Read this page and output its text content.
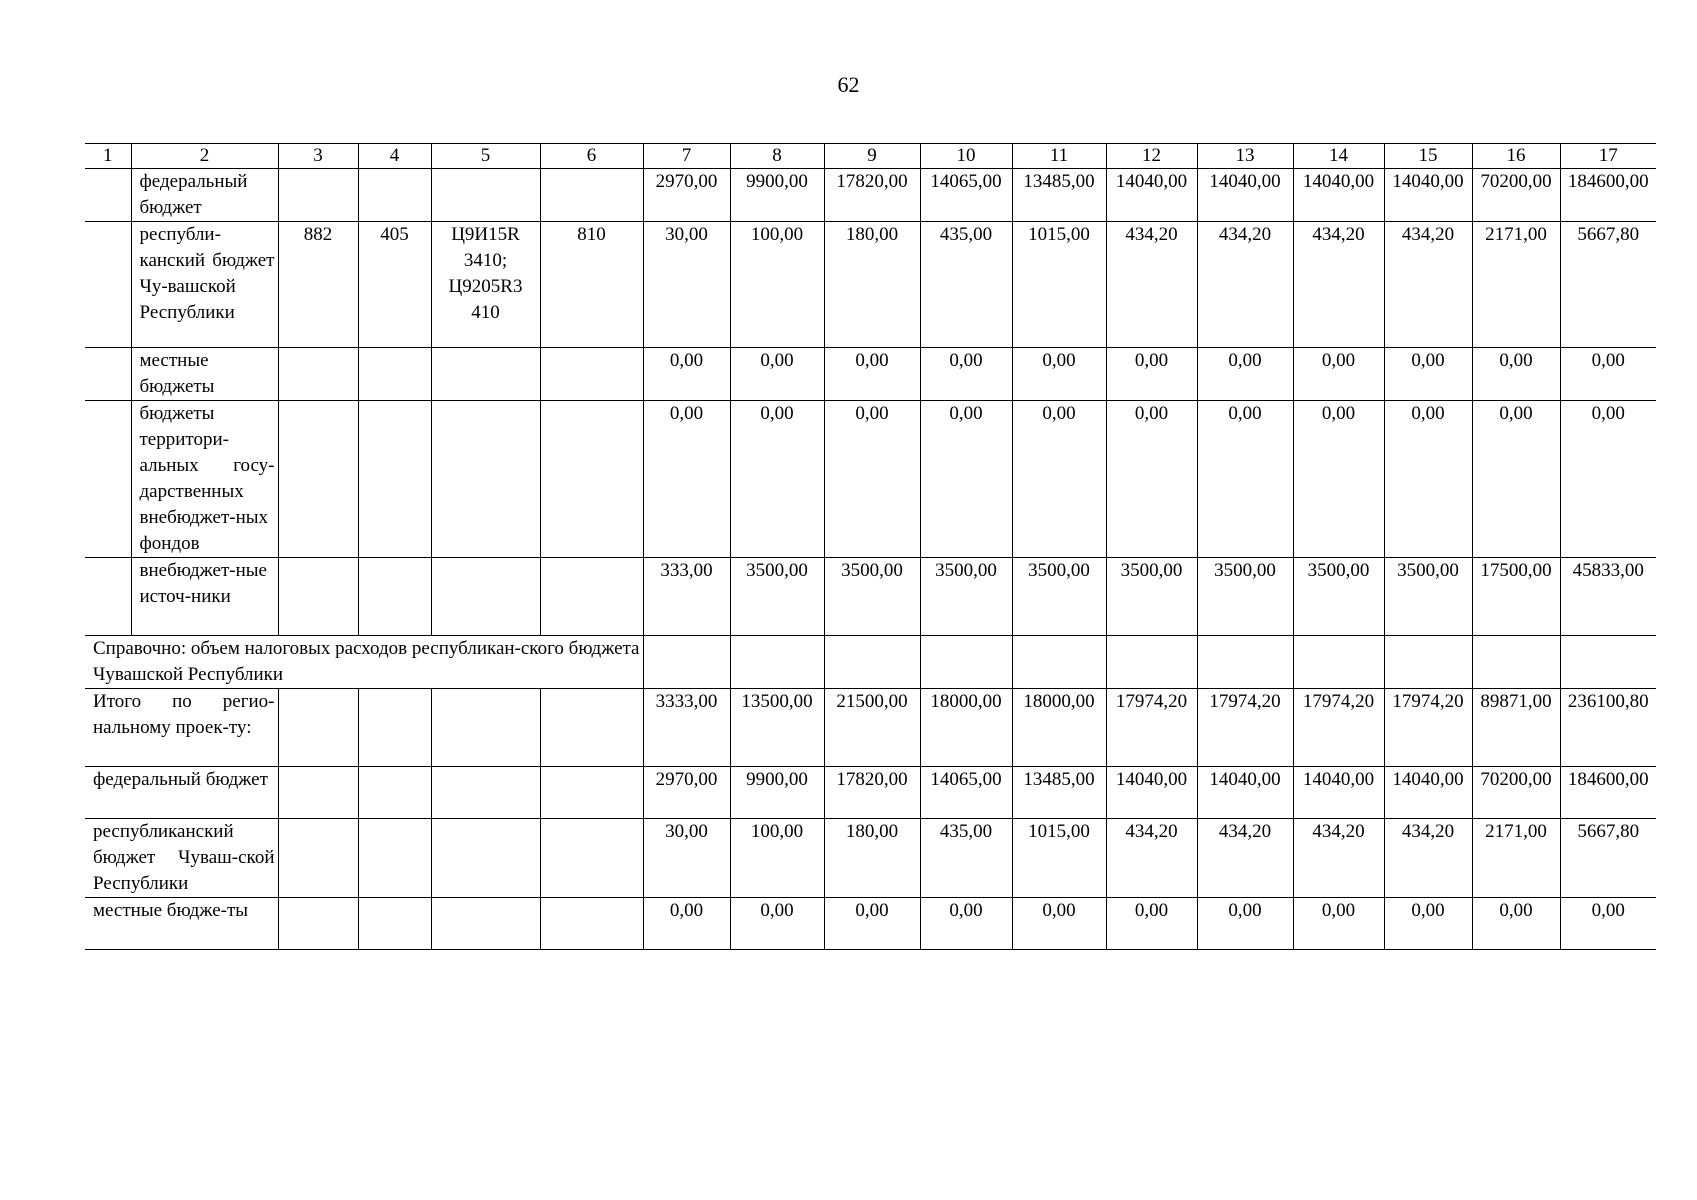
62
1	2	3	4	5	6	7	8	9	10	11	12	13	14	15	16	17
	федеральный бюджет					2970,00	9900,00	17820,00	14065,00	13485,00	14040,00	14040,00	14040,00	14040,00	70200,00	184600,00
	республи-канский бюджет Чу-вашской Республики	882	405	Ц9И15R 3410; Ц9205R3 410	810	30,00	100,00	180,00	435,00	1015,00	434,20	434,20	434,20	434,20	2171,00	5667,80
	местные бюджеты					0,00	0,00	0,00	0,00	0,00	0,00	0,00	0,00	0,00	0,00	0,00
	бюджеты территори-альных госу-дарственных внебюджет-ных фондов					0,00	0,00	0,00	0,00	0,00	0,00	0,00	0,00	0,00	0,00	0,00
	внебюджет-ные источ-ники					333,00	3500,00	3500,00	3500,00	3500,00	3500,00	3500,00	3500,00	3500,00	17500,00	45833,00
Справочно: объем налоговых расходов республикан-ского бюджета Чувашской Республики																
Итого по регио-нальному проек-ту:						3333,00	13500,00	21500,00	18000,00	18000,00	17974,20	17974,20	17974,20	17974,20	89871,00	236100,80
федеральный бюджет						2970,00	9900,00	17820,00	14065,00	13485,00	14040,00	14040,00	14040,00	14040,00	70200,00	184600,00
республиканский бюджет Чуваш-ской Республики						30,00	100,00	180,00	435,00	1015,00	434,20	434,20	434,20	434,20	2171,00	5667,80
местные бюдже-ты						0,00	0,00	0,00	0,00	0,00	0,00	0,00	0,00	0,00	0,00	0,00
